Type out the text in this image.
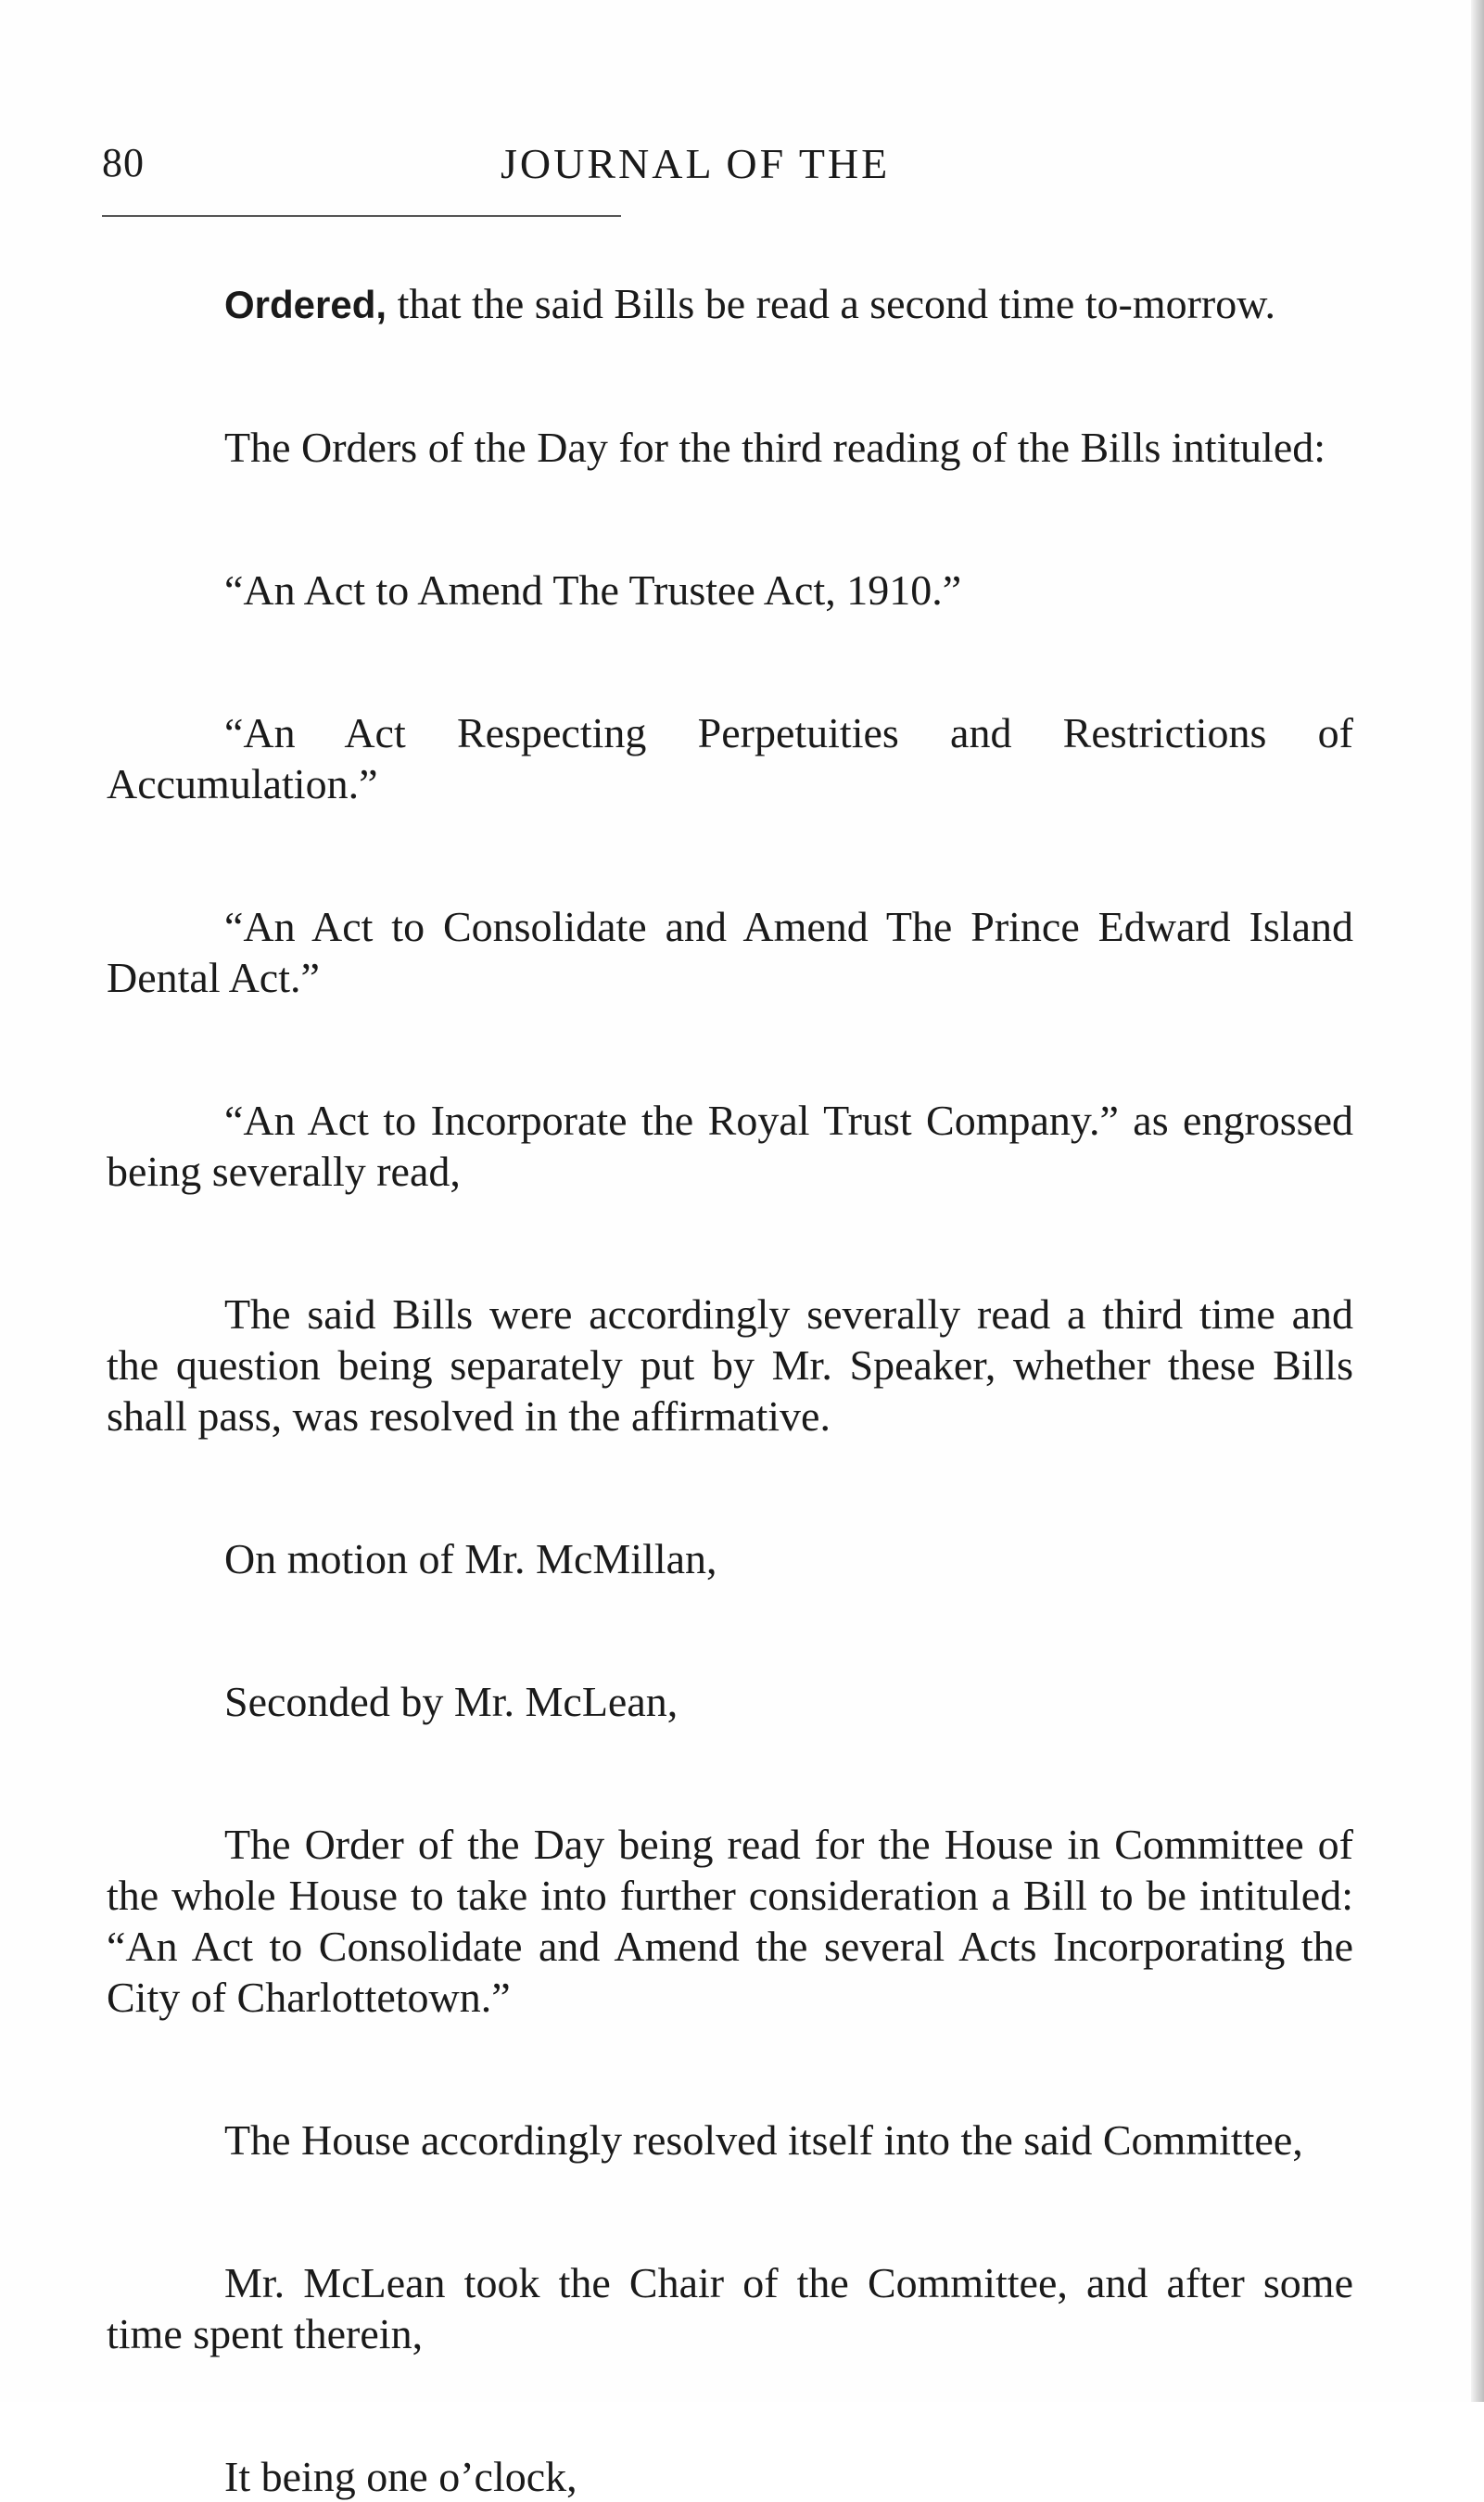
80	JOURNAL OF THE

Ordered, that the said Bills be read a second time to-morrow.

The Orders of the Day for the third reading of the Bills intituled:

“An Act to Amend The Trustee Act, 1910.”

“An Act Respecting Perpetuities and Restrictions of Accumulation.”

“An Act to Consolidate and Amend The Prince Edward Island Dental Act.”

“An Act to Incorporate the Royal Trust Company.” as engrossed being severally read,

The said Bills were accordingly severally read a third time and the question being separately put by Mr. Speaker, whether these Bills shall pass, was resolved in the affirmative.

On motion of Mr. McMillan,

Seconded by Mr. McLean,

The Order of the Day being read for the House in Committee of the whole House to take into further consideration a Bill to be intituled: “An Act to Consolidate and Amend the several Acts Incorporating the City of Charlottetown.”

The House accordingly resolved itself into the said Committee,

Mr. McLean took the Chair of the Committee, and after some time spent therein,

It being one o’clock,
